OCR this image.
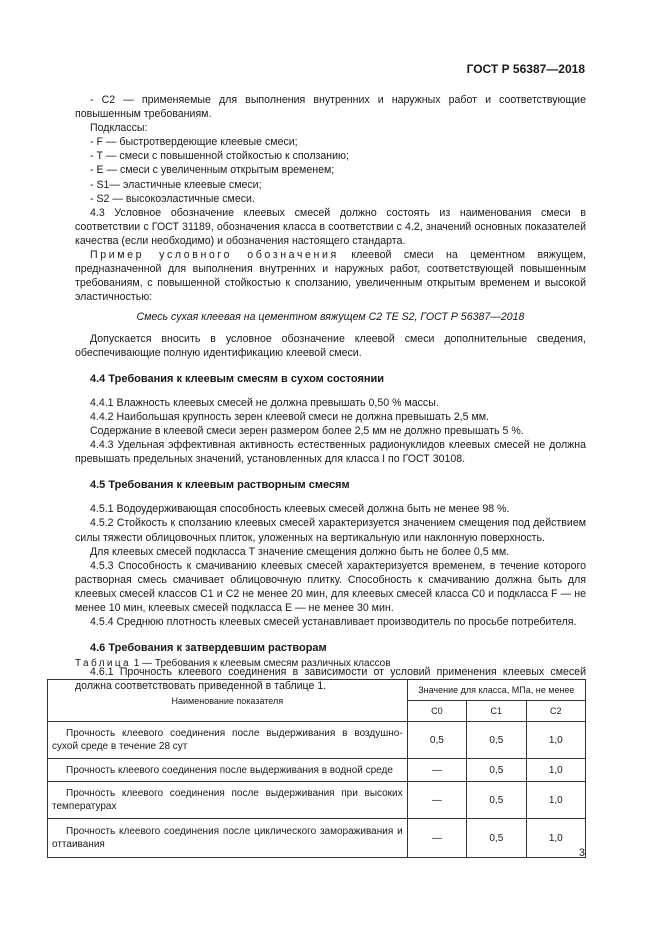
ГОСТ Р 56387—2018

- С2 — применяемые для выполнения внутренних и наружных работ и соответствующие повышенным требованиям.

Подклассы:

- F — быстротвердеющие клеевые смеси;

- Т — смеси с повышенной стойкостью к сползанию;

- Е — смеси с увеличенным открытым временем;

- S1— эластичные клеевые смеси;

- S2 — высокоэластичные смеси.

4.3 Условное обозначение клеевых смесей должно состоять из наименования смеси в соответствии с ГОСТ 31189, обозначения класса в соответствии с 4.2, значений основных показателей качества (если необходимо) и обозначения настоящего стандарта.

Пример условного обозначения клеевой смеси на цементном вяжущем, предназначенной для выполнения внутренних и наружных работ, соответствующей повышенным требованиям, с повышенной стойкостью к сползанию, увеличенным открытым временем и высокой эластичностью:

Смесь сухая клеевая на цементном вяжущем С2 ТЕ S2, ГОСТ Р 56387—2018

Допускается вносить в условное обозначение клеевой смеси дополнительные сведения, обеспечивающие полную идентификацию клеевой смеси.

4.4 Требования к клеевым смесям в сухом состоянии

4.4.1 Влажность клеевых смесей не должна превышать 0,50 % массы.

4.4.2 Наибольшая крупность зерен клеевой смеси не должна превышать 2,5 мм.

Содержание в клеевой смеси зерен размером более 2,5 мм не должно превышать 5 %.

4.4.3 Удельная эффективная активность естественных радионуклидов клеевых смесей не должна превышать предельных значений, установленных для класса I по ГОСТ 30108.

4.5 Требования к клеевым растворным смесям

4.5.1 Водоудерживающая способность клеевых смесей должна быть не менее 98 %.

4.5.2 Стойкость к сползанию клеевых смесей характеризуется значением смещения под действием силы тяжести облицовочных плиток, уложенных на вертикальную или наклонную поверхность.

Для клеевых смесей подкласса Т значение смещения должно быть не более 0,5 мм.

4.5.3 Способность к смачиванию клеевых смесей характеризуется временем, в течение которого растворная смесь смачивает облицовочную плитку. Способность к смачиванию должна быть для клеевых смесей классов С1 и С2 не менее 20 мин, для клеевых смесей класса С0 и подкласса F — не менее 10 мин, клеевых смесей подкласса Е — не менее 30 мин.

4.5.4 Среднюю плотность клеевых смесей устанавливает производитель по просьбе потребителя.

4.6 Требования к затвердевшим растворам

4.6.1 Прочность клеевого соединения в зависимости от условий применения клеевых смесей должна соответствовать приведенной в таблице 1.

Таблица 1 — Требования к клеевым смесям различных классов
Наименование показателя	Значение для класса, МПа, не менее		
	С0	С1	С2
Прочность клеевого соединения после выдерживания в воздушно-сухой среде в течение 28 сут	0,5	0,5	1,0
Прочность клеевого соединения после выдерживания в водной среде	—	0,5	1,0
Прочность клеевого соединения после выдерживания при высоких температурах	—	0,5	1,0
Прочность клеевого соединения после циклического замораживания и оттаивания	—	0,5	1,0
3
